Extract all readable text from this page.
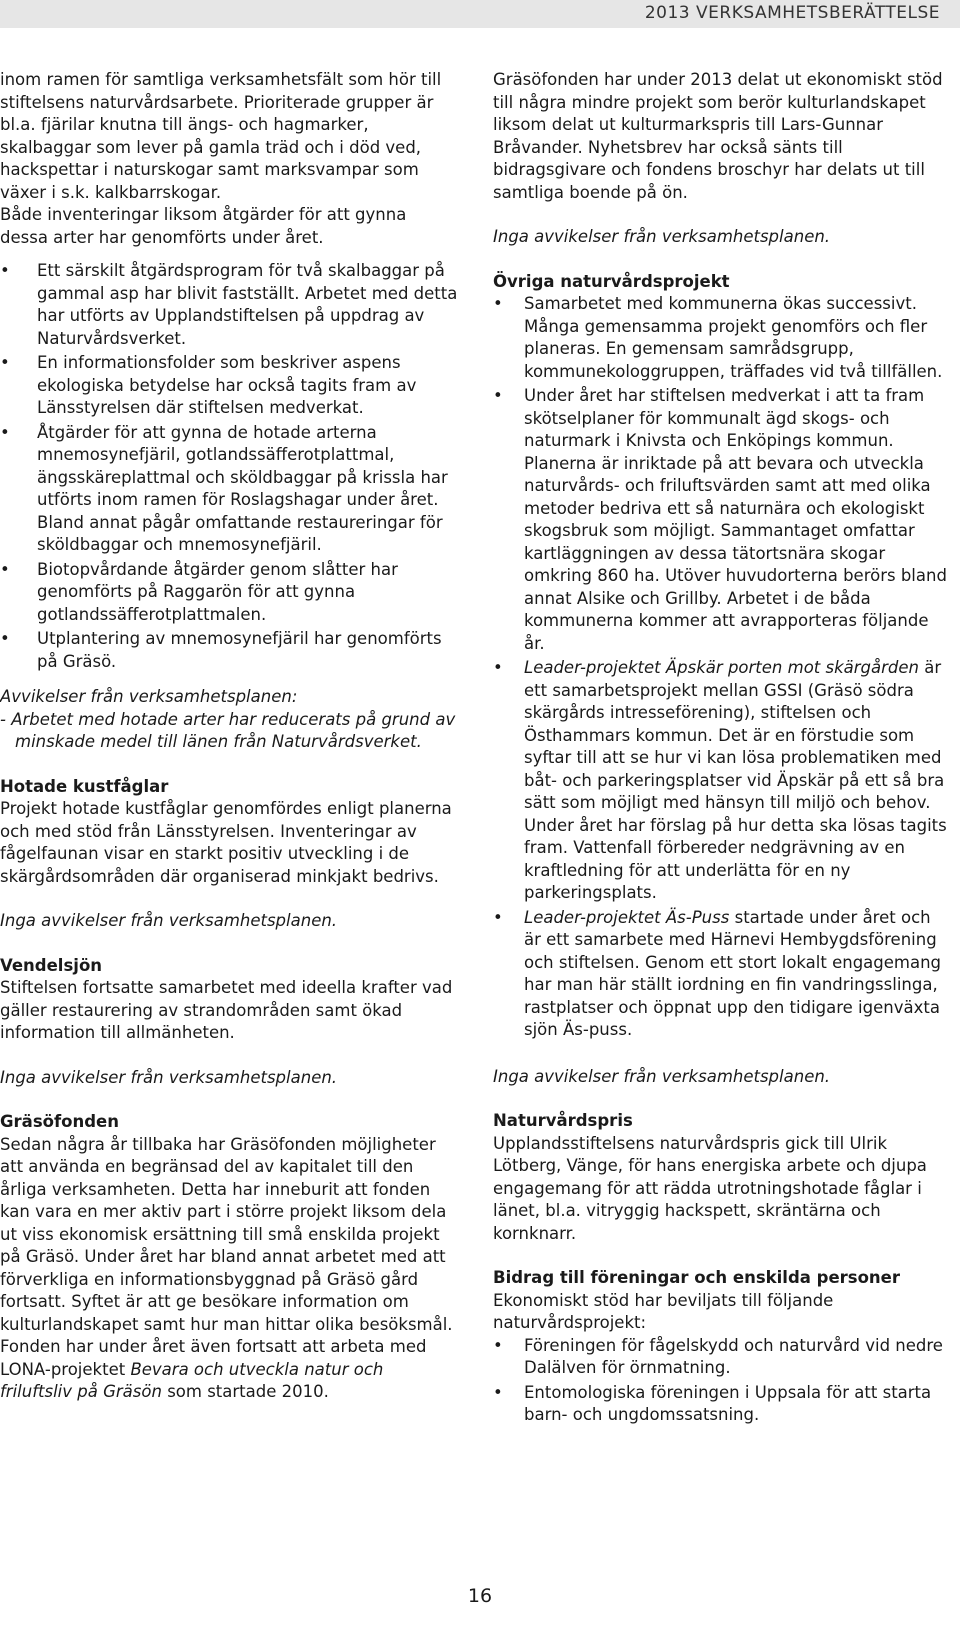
2013 VERKSAMHETSBERÄTTELSE

inom ramen för samtliga verksamhetsfält som hör till stiftelsens naturvårdsarbete. Prioriterade grupper är bl.a. fjärilar knutna till ängs- och hagmarker, skalbaggar som lever på gamla träd och i död ved, hackspettar i naturskogar samt marksvampar som växer i s.k. kalkbarrskogar.

Både inventeringar liksom åtgärder för att gynna dessa arter har genomförts under året.

• Ett särskilt åtgärdsprogram för två skalbaggar på gammal asp har blivit fastställt. Arbetet med detta har utförts av Upplandstiftelsen på uppdrag av Naturvårdsverket.
• En informationsfolder som beskriver aspens ekologiska betydelse har också tagits fram av Länsstyrelsen där stiftelsen medverkat.
• Åtgärder för att gynna de hotade arterna mnemosynefjäril, gotlandssäfferotplattmal, ängsskäreplattmal och sköldbaggar på krissla har utförts inom ramen för Roslagshagar under året. Bland annat pågår omfattande restaureringar för sköldbaggar och mnemosynefjäril.
• Biotopvårdande åtgärder genom slåtter har genomförts på Raggarön för att gynna gotlandssäfferotplattmalen.
• Utplantering av mnemosynefjäril har genomförts på Gräsö.

Avvikelser från verksamhetsplanen:

- Arbetet med hotade arter har reducerats på grund av minskade medel till länen från Naturvårdsverket.

Hotade kustfåglar

Projekt hotade kustfåglar genomfördes enligt planerna och med stöd från Länsstyrelsen. Inventeringar av fågelfaunan visar en starkt positiv utveckling i de skärgårdsområden där organiserad minkjakt bedrivs.

Inga avvikelser från verksamhetsplanen.

Vendelsjön

Stiftelsen fortsatte samarbetet med ideella krafter vad gäller restaurering av strandområden samt ökad information till allmänheten.

Inga avvikelser från verksamhetsplanen.

Gräsöfonden

Sedan några år tillbaka har Gräsöfonden möjligheter att använda en begränsad del av kapitalet till den årliga verksamheten. Detta har inneburit att fonden kan vara en mer aktiv part i större projekt liksom dela ut viss ekonomisk ersättning till små enskilda projekt på Gräsö. Under året har bland annat arbetet med att förverkliga en informationsbyggnad på Gräsö gård fortsatt. Syftet är att ge besökare information om kulturlandskapet samt hur man hittar olika besöksmål. Fonden har under året även fortsatt att arbeta med LONA-projektet Bevara och utveckla natur och friluftsliv på Gräsön som startade 2010.

Gräsöfonden har under 2013 delat ut ekonomiskt stöd till några mindre projekt som berör kulturlandskapet liksom delat ut kulturmarkspris till Lars-Gunnar Bråvander. Nyhetsbrev har också sänts till bidragsgivare och fondens broschyr har delats ut till samtliga boende på ön.

Inga avvikelser från verksamhetsplanen.

Övriga naturvårdsprojekt

• Samarbetet med kommunerna ökas successivt. Många gemensamma projekt genomförs och fler planeras. En gemensam samrådsgrupp, kommunekologgruppen, träffades vid två tillfällen.
• Under året har stiftelsen medverkat i att ta fram skötselplaner för kommunalt ägd skogs- och naturmark i Knivsta och Enköpings kommun. Planerna är inriktade på att bevara och utveckla naturvårds- och friluftsvärden samt att med olika metoder bedriva ett så naturnära och ekologiskt skogsbruk som möjligt. Sammantaget omfattar kartläggningen av dessa tätortsnära skogar omkring 860 ha. Utöver huvudorterna berörs bland annat Alsike och Grillby. Arbetet i de båda kommunerna kommer att avrapporteras följande år.
• Leader-projektet Äpskär porten mot skärgården är ett samarbetsprojekt mellan GSSI (Gräsö södra skärgårds intresseförening), stiftelsen och Östhammars kommun. Det är en förstudie som syftar till att se hur vi kan lösa problematiken med båt- och parkeringsplatser vid Äpskär på ett så bra sätt som möjligt med hänsyn till miljö och behov. Under året har förslag på hur detta ska lösas tagits fram. Vattenfall förbereder nedgrävning av en kraftledning för att underlätta för en ny parkeringsplats.
• Leader-projektet Äs-Puss startade under året och är ett samarbete med Härnevi Hembygdsförening och stiftelsen. Genom ett stort lokalt engagemang har man här ställt iordning en fin vandringsslinga, rastplatser och öppnat upp den tidigare igenväxta sjön Äs-puss.

Inga avvikelser från verksamhetsplanen.

Naturvårdspris

Upplandsstiftelsens naturvårdspris gick till Ulrik Lötberg, Vänge, för hans energiska arbete och djupa engagemang för att rädda utrotningshotade fåglar i länet, bl.a. vitryggig hackspett, skräntärna och kornknarr.

Bidrag till föreningar och enskilda personer

Ekonomiskt stöd har beviljats till följande naturvårdsprojekt:

• Föreningen för fågelskydd och naturvård vid nedre Dalälven för örnmatning.
• Entomologiska föreningen i Uppsala för att starta barn- och ungdomssatsning.
16
